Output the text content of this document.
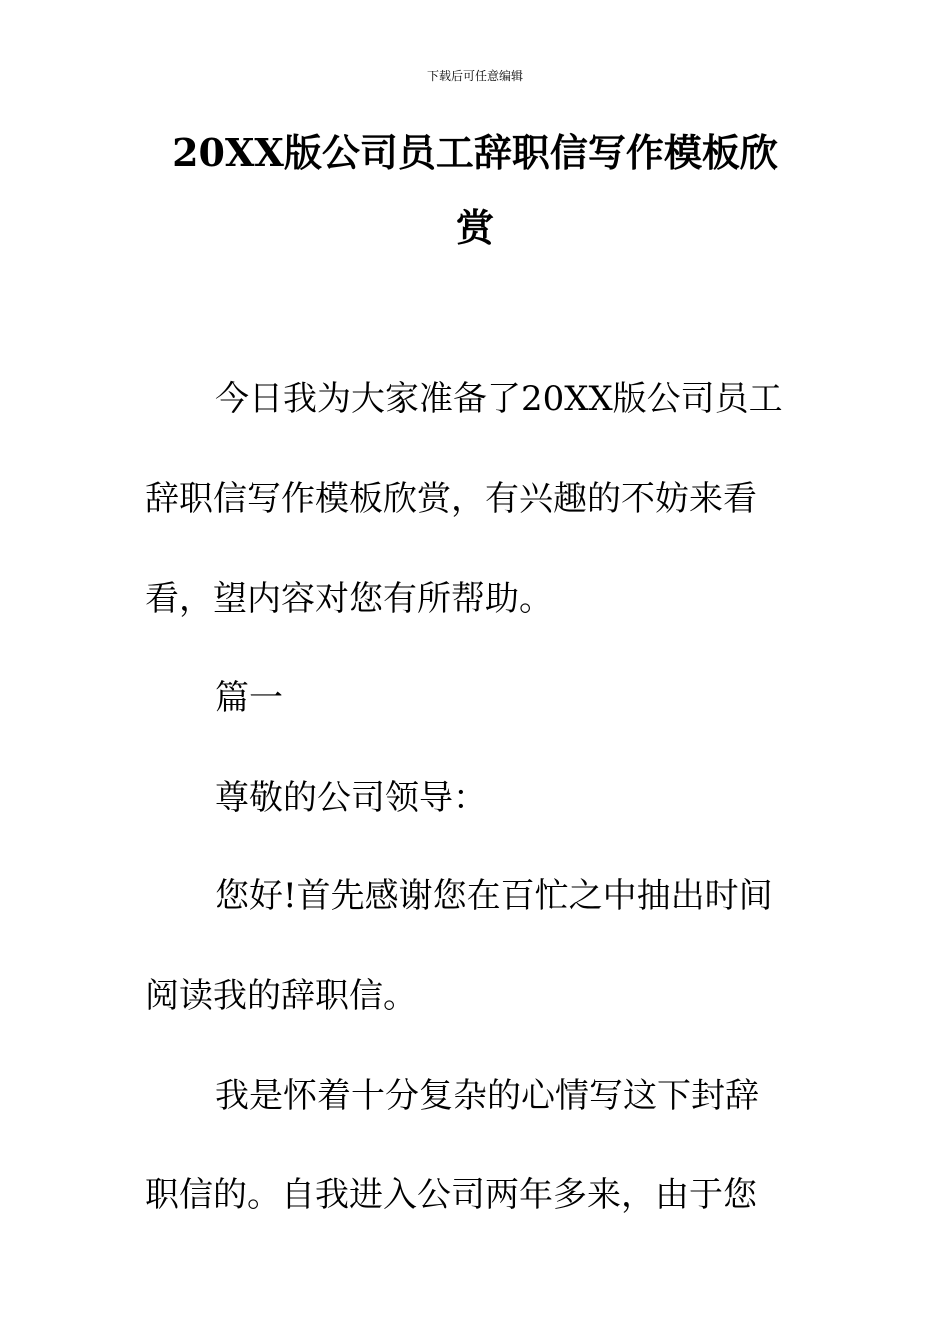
下载后可任意编辑
20XX版公司员工辞职信写作模板欣
赏
今日我为大家准备了20XX版公司员工
辞职信写作模板欣赏，有兴趣的不妨来看
看，望内容对您有所帮助。
篇一
尊敬的公司领导：
您好!首先感谢您在百忙之中抽出时间
阅读我的辞职信。
我是怀着十分复杂的心情写这下封辞
职信的。自我进入公司两年多来，由于您
